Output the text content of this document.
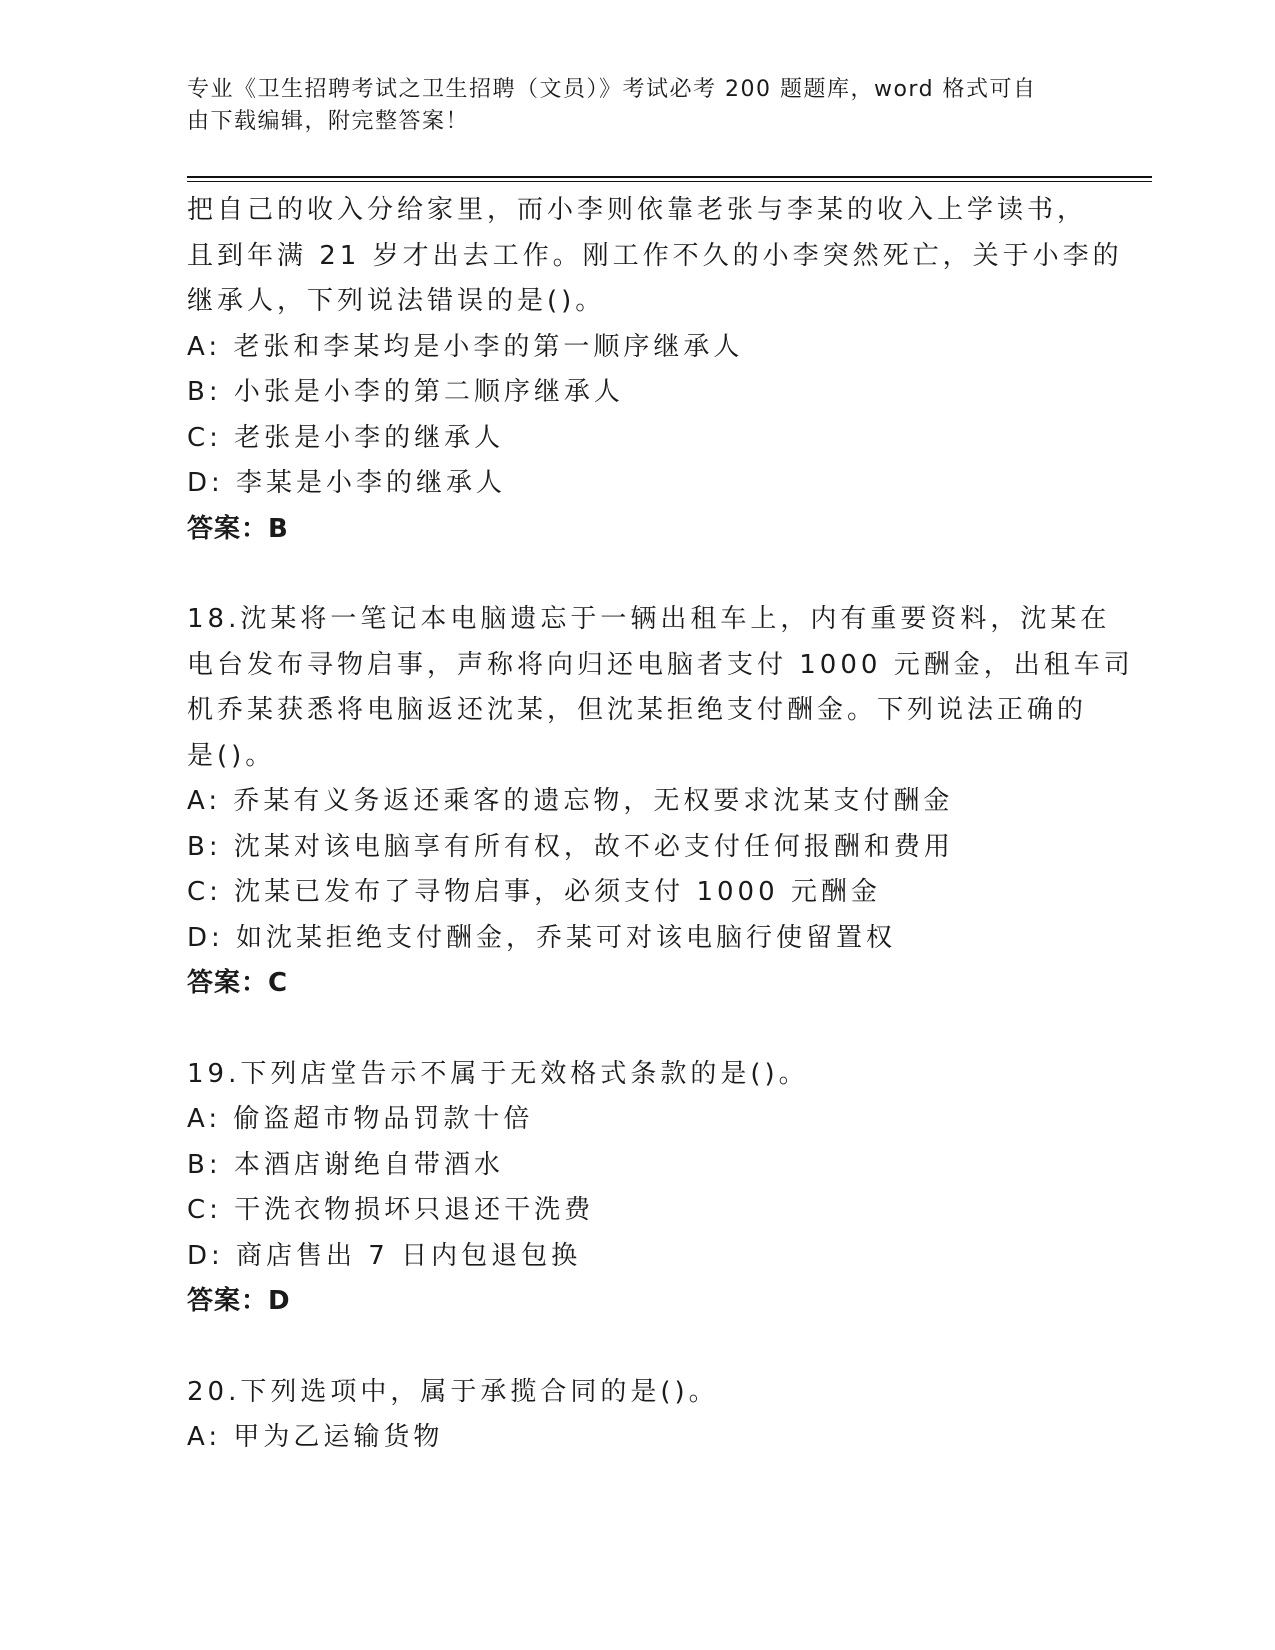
专业《卫生招聘考试之卫生招聘（文员）》考试必考 200 题题库，word 格式可自
由下载编辑，附完整答案！
把自己的收入分给家里，而小李则依靠老张与李某的收入上学读书，
且到年满 21 岁才出去工作。刚工作不久的小李突然死亡，关于小李的
继承人，下列说法错误的是()。
A: 老张和李某均是小李的第一顺序继承人
B: 小张是小李的第二顺序继承人
C: 老张是小李的继承人
D: 李某是小李的继承人
答案：B
18.沈某将一笔记本电脑遗忘于一辆出租车上，内有重要资料，沈某在
电台发布寻物启事，声称将向归还电脑者支付 1000 元酬金，出租车司
机乔某获悉将电脑返还沈某，但沈某拒绝支付酬金。下列说法正确的
是()。
A: 乔某有义务返还乘客的遗忘物，无权要求沈某支付酬金
B: 沈某对该电脑享有所有权，故不必支付任何报酬和费用
C: 沈某已发布了寻物启事，必须支付 1000 元酬金
D: 如沈某拒绝支付酬金，乔某可对该电脑行使留置权
答案：C
19.下列店堂告示不属于无效格式条款的是()。
A: 偷盗超市物品罚款十倍
B: 本酒店谢绝自带酒水
C: 干洗衣物损坏只退还干洗费
D: 商店售出 7 日内包退包换
答案：D
20.下列选项中，属于承揽合同的是()。
A: 甲为乙运输货物
